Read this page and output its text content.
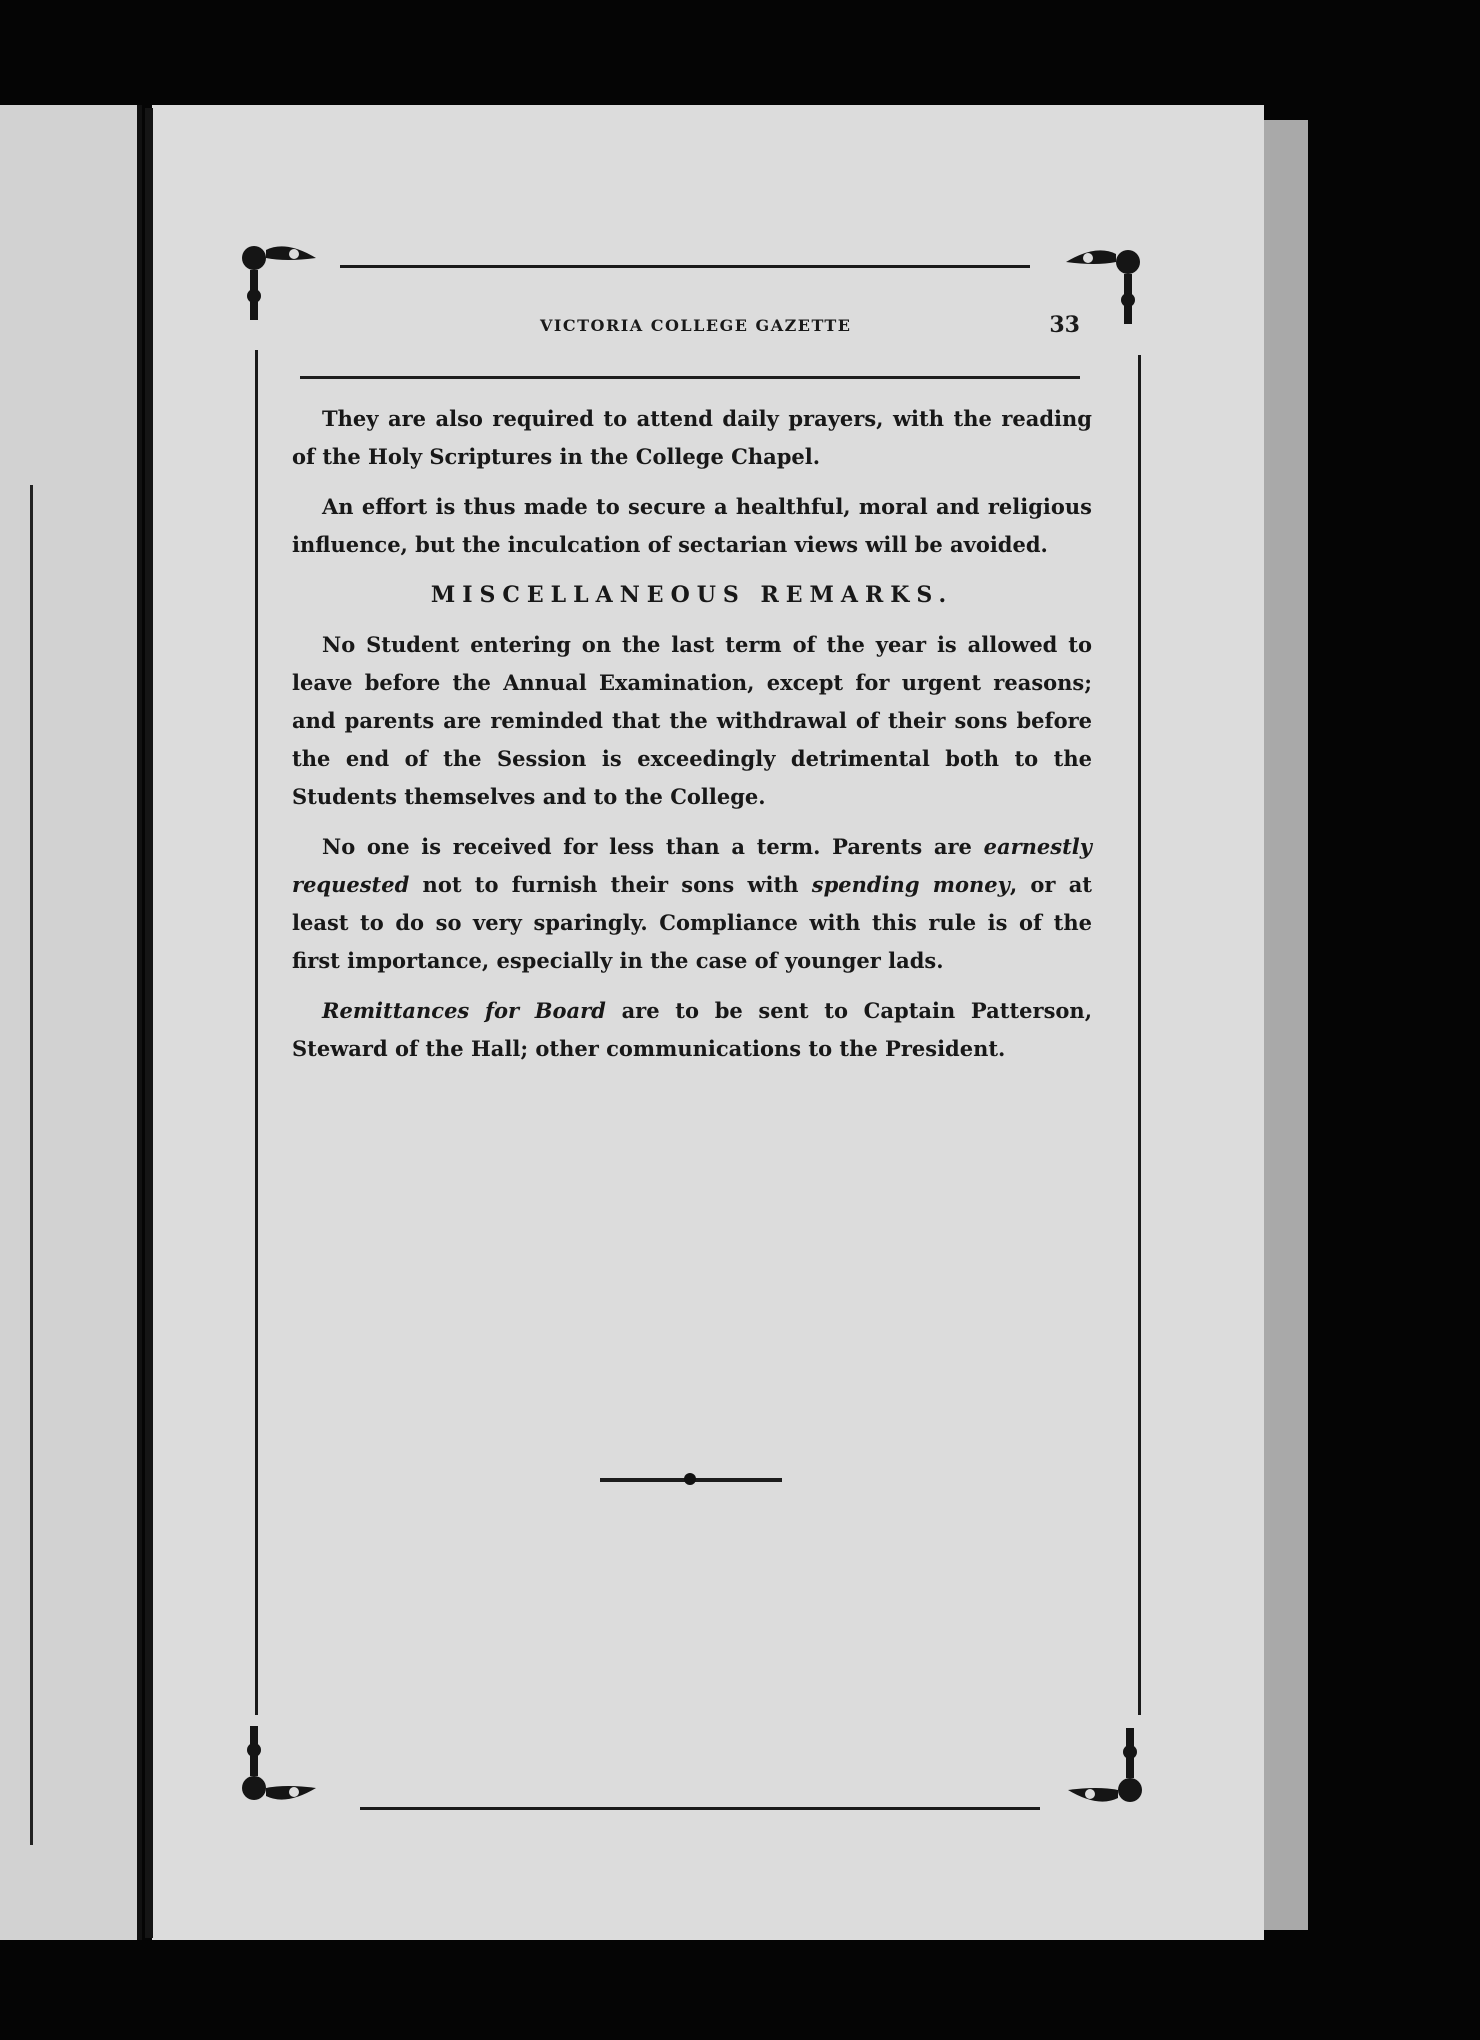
VICTORIA COLLEGE GAZETTE	33

They are also required to attend daily prayers, with the reading of the Holy Scriptures in the College Chapel.

An effort is thus made to secure a healthful, moral and religious influence, but the inculcation of sectarian views will be avoided.

MISCELLANEOUS REMARKS.

No Student entering on the last term of the year is allowed to leave before the Annual Examination, except for urgent reasons; and parents are reminded that the withdrawal of their sons before the end of the Session is exceedingly detrimental both to the Students themselves and to the College.

No one is received for less than a term. Parents are earnestly requested not to furnish their sons with spending money, or at least to do so very sparingly. Compliance with this rule is of the first importance, especially in the case of younger lads.

Remittances for Board are to be sent to Captain Patterson, Steward of the Hall; other communications to the President.
